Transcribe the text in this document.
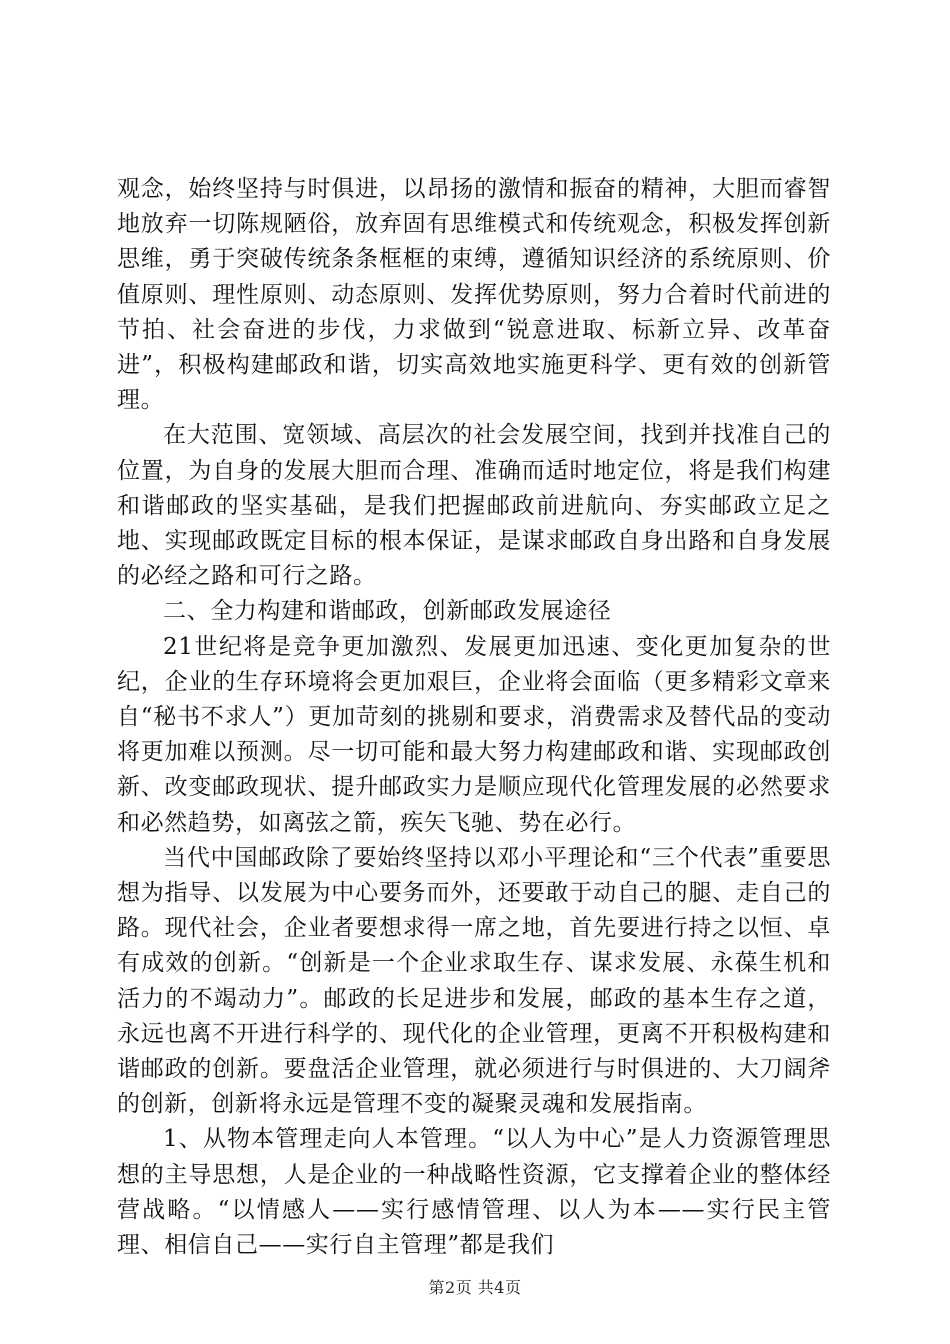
观念，始终坚持与时俱进，以昂扬的激情和振奋的精神，大胆而睿智地放弃一切陈规陋俗，放弃固有思维模式和传统观念，积极发挥创新思维，勇于突破传统条条框框的束缚，遵循知识经济的系统原则、价值原则、理性原则、动态原则、发挥优势原则，努力合着时代前进的节拍、社会奋进的步伐，力求做到“锐意进取、标新立异、改革奋进”，积极构建邮政和谐，切实高效地实施更科学、更有效的创新管理。

在大范围、宽领域、高层次的社会发展空间，找到并找准自己的位置，为自身的发展大胆而合理、准确而适时地定位，将是我们构建和谐邮政的坚实基础，是我们把握邮政前进航向、夯实邮政立足之地、实现邮政既定目标的根本保证，是谋求邮政自身出路和自身发展的必经之路和可行之路。

二、全力构建和谐邮政，创新邮政发展途径

21世纪将是竞争更加激烈、发展更加迅速、变化更加复杂的世纪，企业的生存环境将会更加艰巨，企业将会面临（更多精彩文章来自“秘书不求人”）更加苛刻的挑剔和要求，消费需求及替代品的变动将更加难以预测。尽一切可能和最大努力构建邮政和谐、实现邮政创新、改变邮政现状、提升邮政实力是顺应现代化管理发展的必然要求和必然趋势，如离弦之箭，疾矢飞驰、势在必行。

当代中国邮政除了要始终坚持以邓小平理论和“三个代表”重要思想为指导、以发展为中心要务而外，还要敢于动自己的腿、走自己的路。现代社会，企业者要想求得一席之地，首先要进行持之以恒、卓有成效的创新。“创新是一个企业求取生存、谋求发展、永葆生机和活力的不竭动力”。邮政的长足进步和发展，邮政的基本生存之道，永远也离不开进行科学的、现代化的企业管理，更离不开积极构建和谐邮政的创新。要盘活企业管理，就必须进行与时俱进的、大刀阔斧的创新，创新将永远是管理不变的凝聚灵魂和发展指南。

1、从物本管理走向人本管理。“以人为中心”是人力资源管理思想的主导思想，人是企业的一种战略性资源，它支撑着企业的整体经营战略。“以情感人——实行感情管理、以人为本——实行民主管理、相信自己——实行自主管理”都是我们

第2页 共4页
